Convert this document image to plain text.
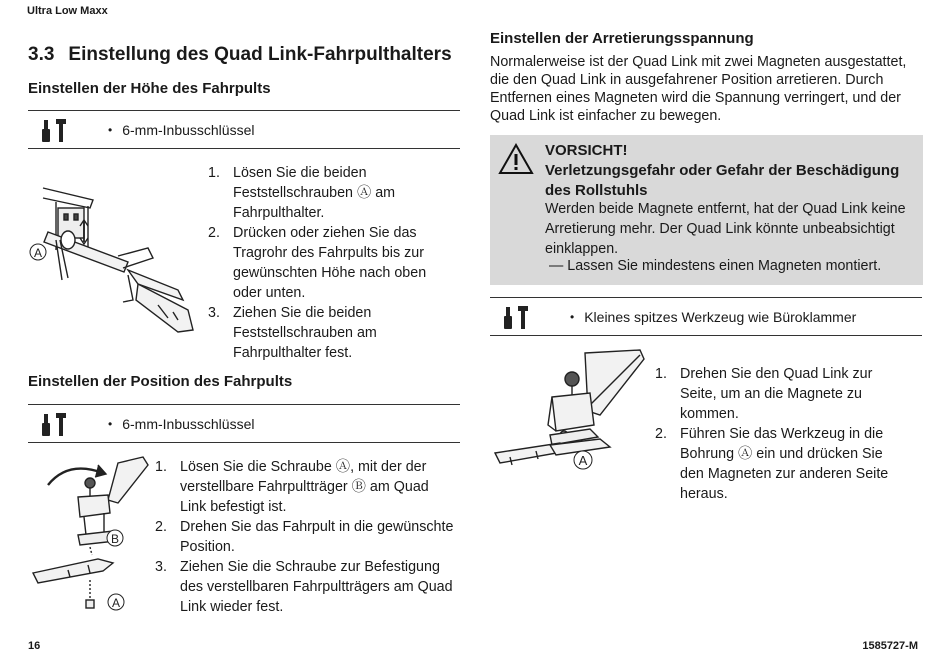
Ultra Low Maxx
3.3 Einstellung des Quad Link-Fahrpulthalters
Einstellen der Höhe des Fahrpults
• 6-mm-Inbusschlüssel
A
1. Lösen Sie die beiden Feststellschrauben Ⓐ am Fahrpulthalter.
2. Drücken oder ziehen Sie das Tragrohr des Fahrpults bis zur gewünschten Höhe nach oben oder unten.
3. Ziehen Sie die beiden Feststellschrauben am Fahrpulthalter fest.
Einstellen der Position des Fahrpults
• 6-mm-Inbusschlüssel
B
A
1. Lösen Sie die Schraube Ⓐ, mit der der verstellbare Fahrpultträger Ⓑ am Quad Link befestigt ist.
2. Drehen Sie das Fahrpult in die gewünschte Position.
3. Ziehen Sie die Schraube zur Befestigung des verstellbaren Fahrpultträgers am Quad Link wieder fest.
Einstellen der Arretierungsspannung
Normalerweise ist der Quad Link mit zwei Magneten ausgestattet, die den Quad Link in ausgefahrener Position arretieren. Durch Entfernen eines Magneten wird die Spannung verringert, und der Quad Link ist einfacher zu bewegen.
VORSICHT!
Verletzungsgefahr oder Gefahr der Beschädigung des Rollstuhls
Werden beide Magnete entfernt, hat der Quad Link keine Arretierung mehr. Der Quad Link könnte unbeabsichtigt einklappen.
— Lassen Sie mindestens einen Magneten montiert.
• Kleines spitzes Werkzeug wie Büroklammer
A
1. Drehen Sie den Quad Link zur Seite, um an die Magnete zu kommen.
2. Führen Sie das Werkzeug in die Bohrung Ⓐ ein und drücken Sie den Magneten zur anderen Seite heraus.
16	1585727-M
